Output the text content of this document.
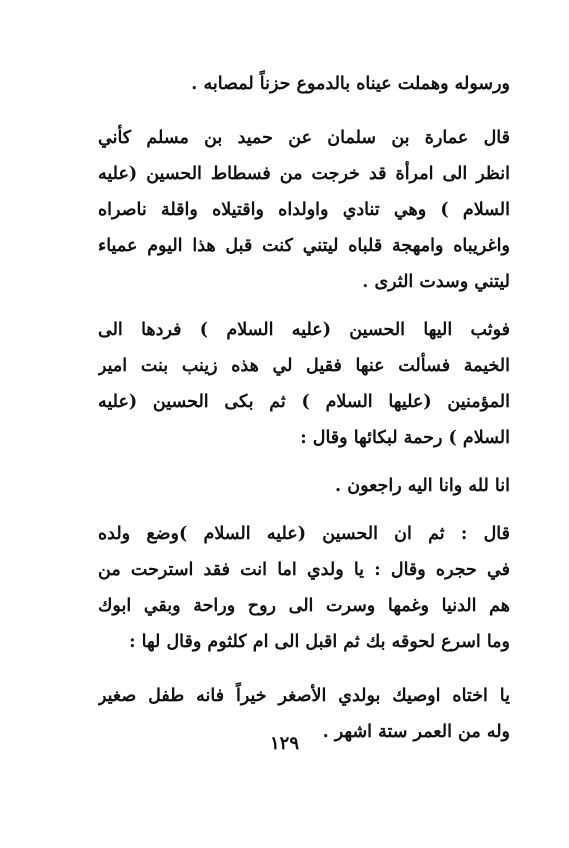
ورسوله وهملت عيناه بالدموع حزناً لمصابه .
قال عمارة بن سلمان عن حميد بن مسلم كأني
انظر الى امرأة قد خرجت من فسطاط الحسين (عليه
السلام ) وهي تنادي واولداه واقتيلاه واقلة ناصراه
واغريباه وامهجة قلباه ليتني كنت قبل هذا اليوم عمياء
ليتني وسدت الثرى .
فوثب اليها الحسين (عليه السلام ) فردها الى
الخيمة فسألت عنها فقيل لي هذه زينب بنت امير
المؤمنين (عليها السلام ) ثم بكى الحسين (عليه
السلام ) رحمة لبكائها وقال :
انا لله وانا اليه راجعون .
قال : ثم ان الحسين (عليه السلام )وضع ولده
في حجره وقال : يا ولدي اما انت فقد استرحت من
هم الدنيا وغمها وسرت الى روح وراحة وبقي ابوك
وما اسرع لحوقه بك ثم اقبل الى ام كلثوم وقال لها :
يا اختاه اوصيك بولدي الأصغر خيراً فانه طفل صغير
وله من العمر ستة اشهر .
١٢٩
